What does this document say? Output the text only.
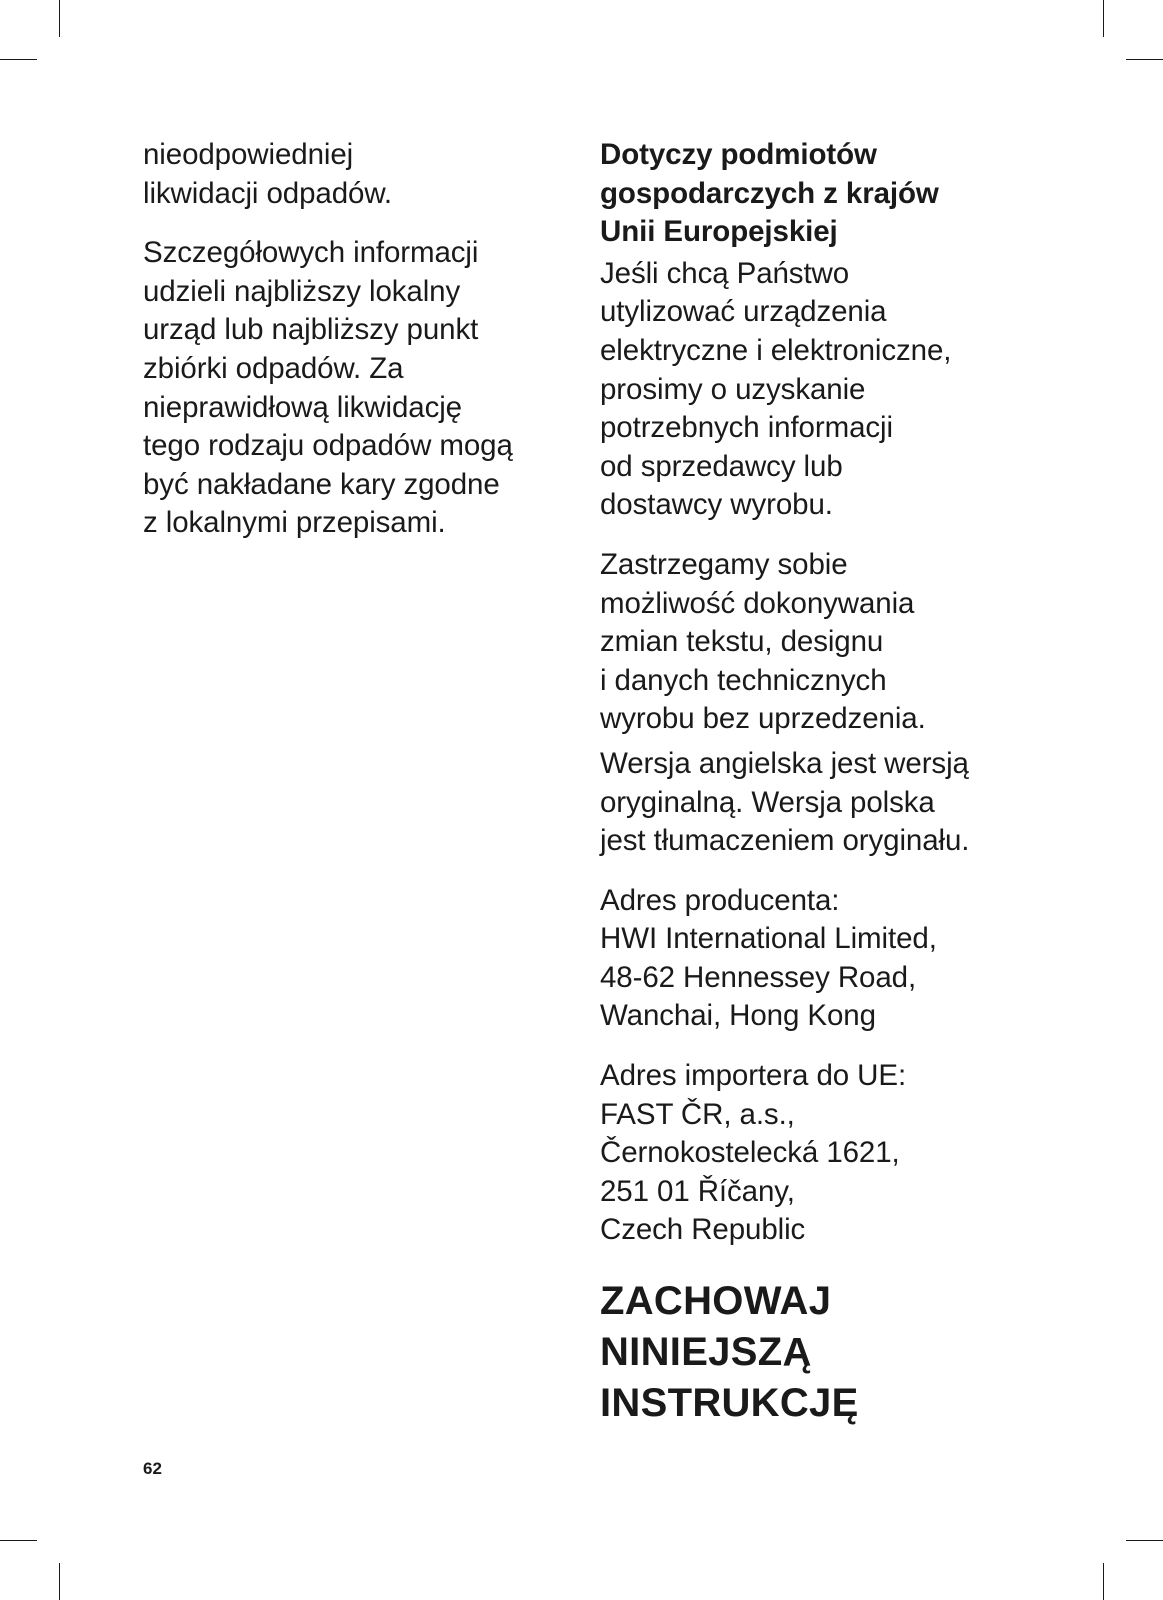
nieodpowiedniej
likwidacji odpadów.

Szczegółowych informacji
udzieli najbliższy lokalny
urząd lub najbliższy punkt
zbiórki odpadów. Za
nieprawidłową likwidację
tego rodzaju odpadów mogą
być nakładane kary zgodne
z lokalnymi przepisami.

Dotyczy podmiotów
gospodarczych z krajów
Unii Europejskiej

Jeśli chcą Państwo
utylizować urządzenia
elektryczne i elektroniczne,
prosimy o uzyskanie
potrzebnych informacji
od sprzedawcy lub
dostawcy wyrobu.

Zastrzegamy sobie
możliwość dokonywania
zmian tekstu, designu
i danych technicznych
wyrobu bez uprzedzenia.

Wersja angielska jest wersją
oryginalną. Wersja polska
jest tłumaczeniem oryginału.

Adres producenta:
HWI International Limited,
48-62 Hennessey Road,
Wanchai, Hong Kong

Adres importera do UE:
FAST ČR, a.s.,
Černokostelecká 1621,
251 01 Říčany,
Czech Republic

ZACHOWAJ
NINIEJSZĄ
INSTRUKCJĘ

62
